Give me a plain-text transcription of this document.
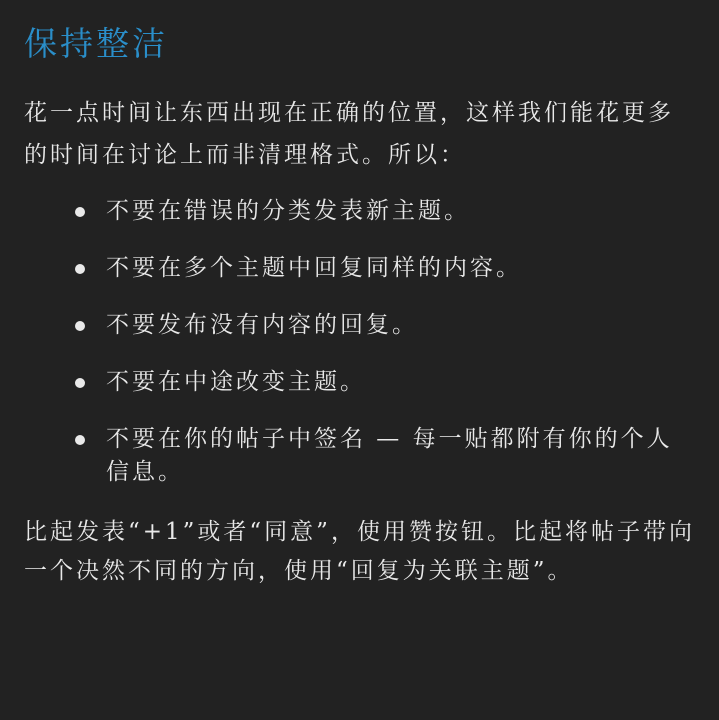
保持整洁

花一点时间让东西出现在正确的位置，这样我们能花更多的时间在讨论上而非清理格式。所以：

不要在错误的分类发表新主题。
不要在多个主题中回复同样的内容。
不要发布没有内容的回复。
不要在中途改变主题。
不要在你的帖子中签名 — 每一贴都附有你的个人信息。

比起发表“+1”或者“同意”，使用赞按钮。比起将帖子带向一个决然不同的方向，使用“回复为关联主题”。
